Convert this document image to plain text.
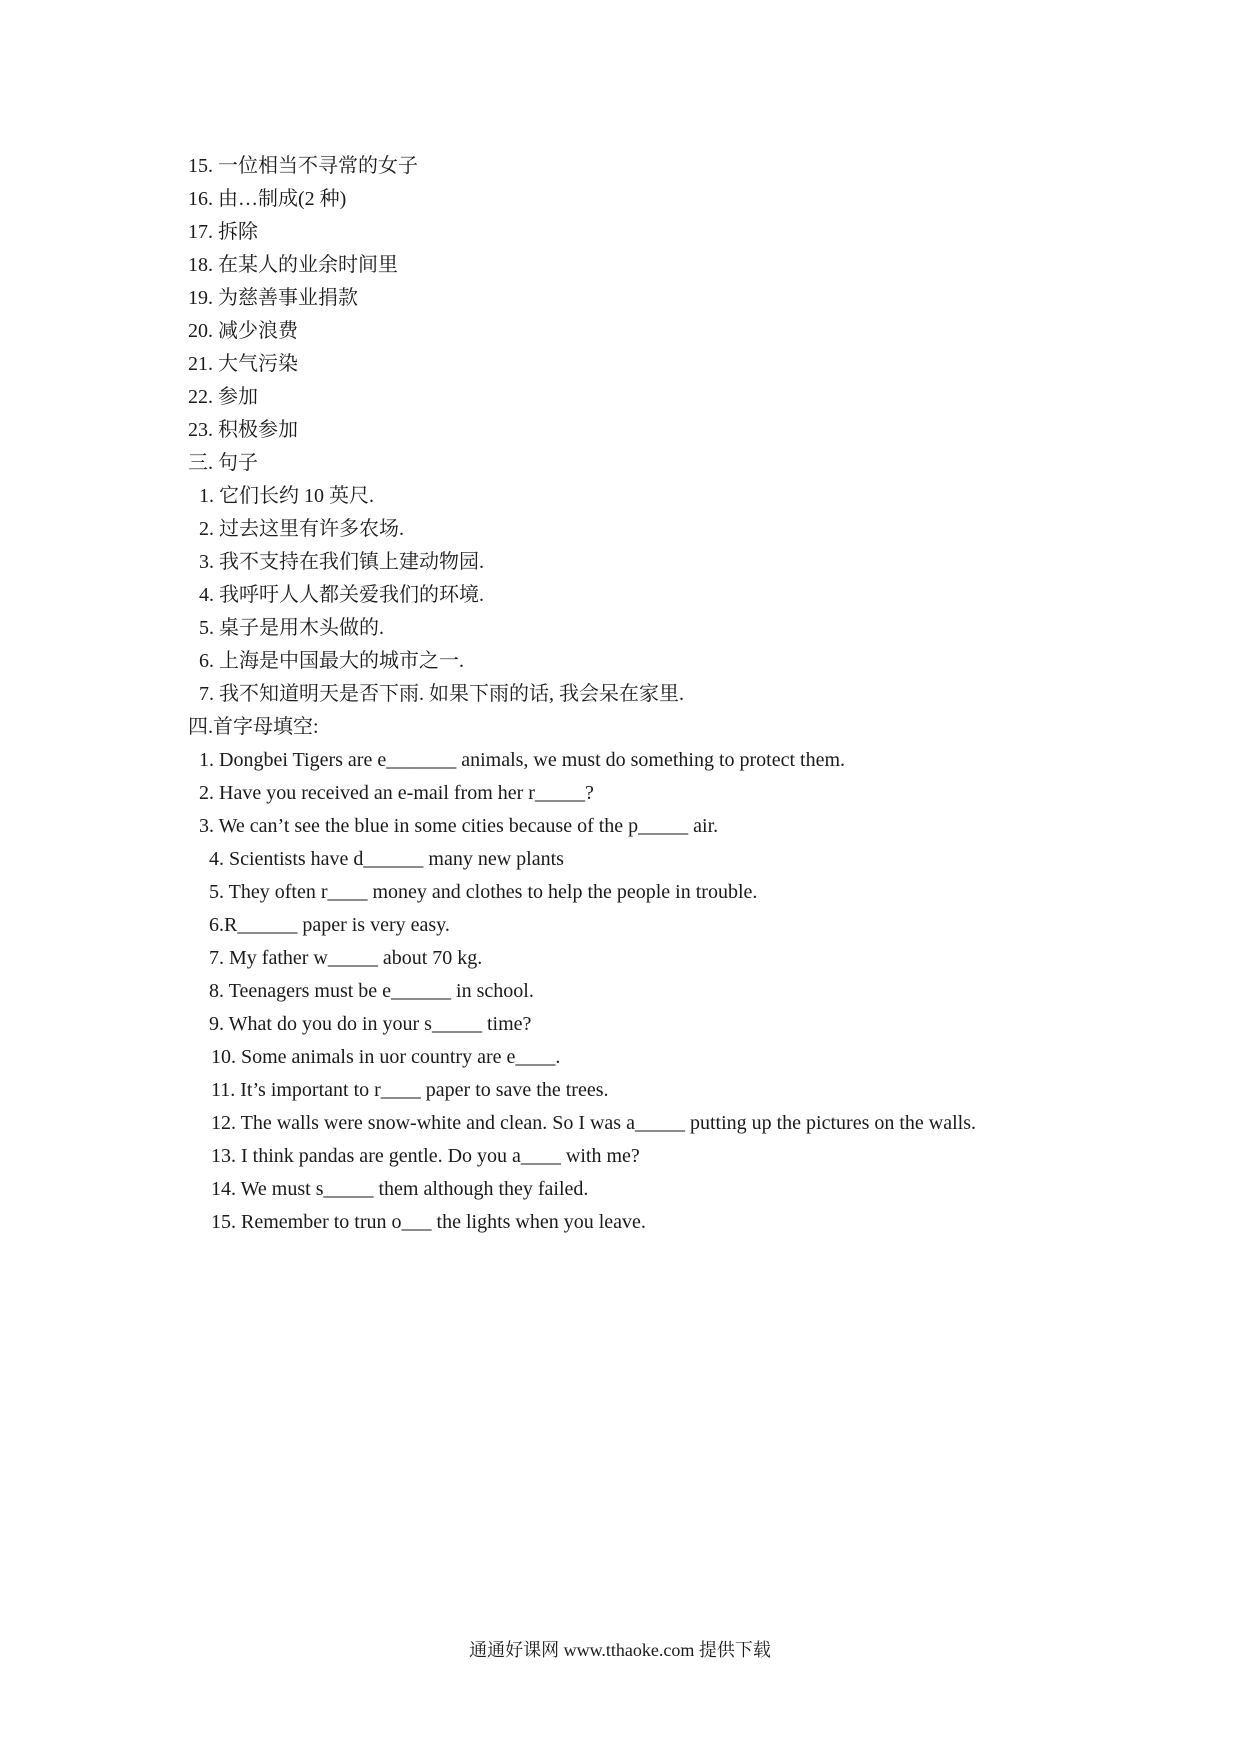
15. 一位相当不寻常的女子
16. 由…制成(2 种)
17. 拆除
18. 在某人的业余时间里
19. 为慈善事业捐款
20. 减少浪费
21. 大气污染
22. 参加
23. 积极参加
三. 句子
1. 它们长约 10 英尺.
2. 过去这里有许多农场.
3. 我不支持在我们镇上建动物园.
4. 我呼吁人人都关爱我们的环境.
5. 桌子是用木头做的.
6. 上海是中国最大的城市之一.
7. 我不知道明天是否下雨. 如果下雨的话, 我会呆在家里.
四.首字母填空:
1. Dongbei Tigers are e_______ animals, we must do something to protect them.
2. Have you received an e-mail from her r_____?
3. We can’t see the blue in some cities because of the p_____ air.
4. Scientists have d______ many new plants
5. They often r____ money and clothes to help the people in trouble.
6.R______ paper is very easy.
7. My father w_____ about 70 kg.
8. Teenagers must be e______ in school.
9. What do you do in your s_____ time?
10. Some animals in uor country are e____.
11. It’s important to r____ paper to save the trees.
12. The walls were snow-white and clean. So I was a_____ putting up the pictures on the walls.
13. I think pandas are gentle. Do you a____ with me?
14. We must s_____ them although they failed.
15. Remember to trun o___ the lights when you leave.
通通好课网 www.tthaoke.com 提供下载
